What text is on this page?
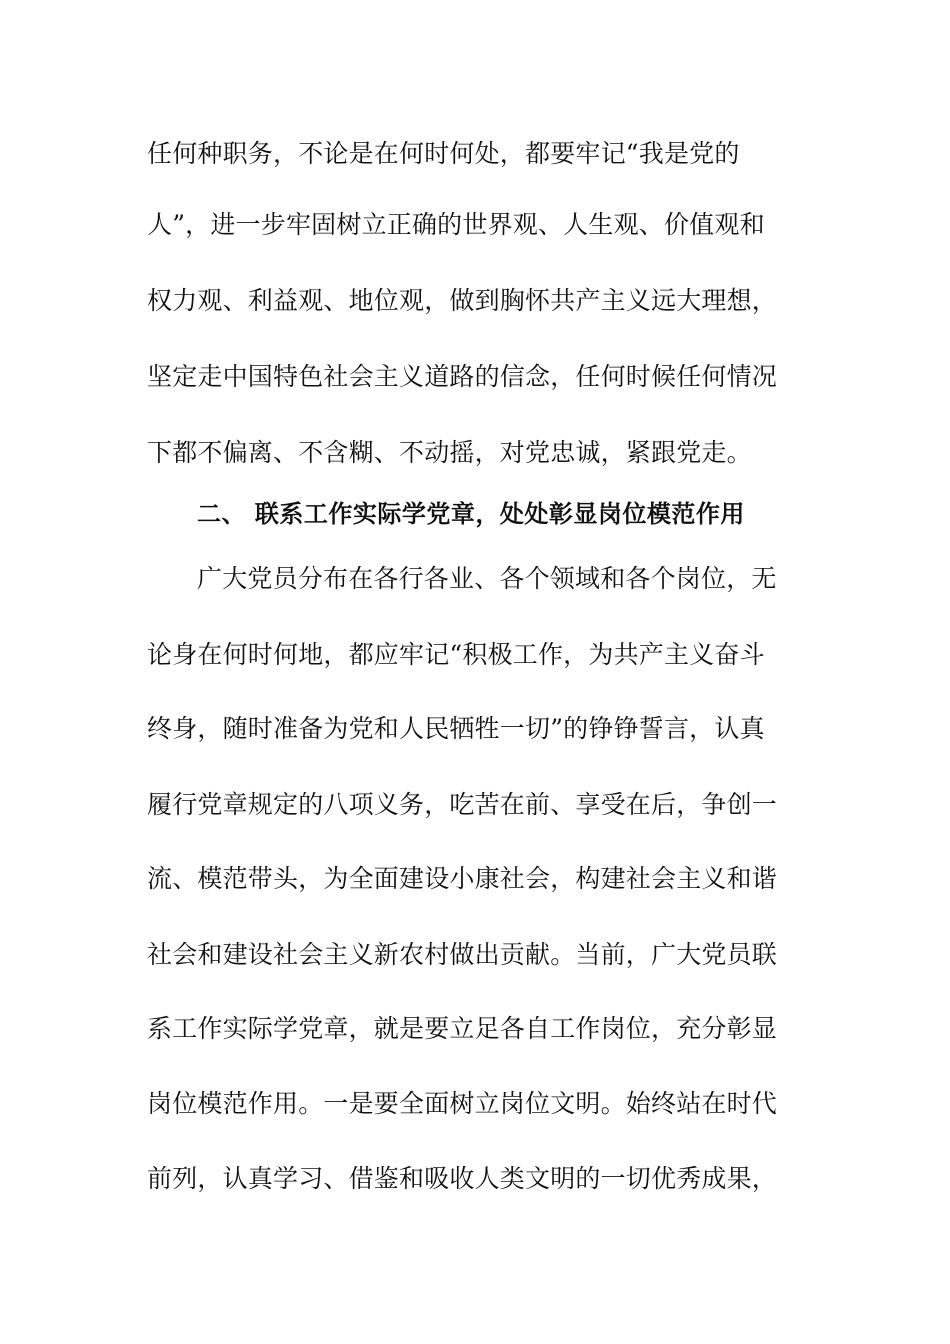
任何种职务，不论是在何时何处，都要牢记“我是党的
人”，进一步牢固树立正确的世界观、人生观、价值观和
权力观、利益观、地位观，做到胸怀共产主义远大理想，
坚定走中国特色社会主义道路的信念，任何时候任何情况
下都不偏离、不含糊、不动摇，对党忠诚，紧跟党走。
二、 联系工作实际学党章，处处彰显岗位模范作用
广大党员分布在各行各业、各个领域和各个岗位，无
论身在何时何地，都应牢记“积极工作，为共产主义奋斗
终身，随时准备为党和人民牺牲一切”的铮铮誓言，认真
履行党章规定的八项义务，吃苦在前、享受在后，争创一
流、模范带头，为全面建设小康社会，构建社会主义和谐
社会和建设社会主义新农村做出贡献。当前，广大党员联
系工作实际学党章，就是要立足各自工作岗位，充分彰显
岗位模范作用。一是要全面树立岗位文明。始终站在时代
前列，认真学习、借鉴和吸收人类文明的一切优秀成果，
